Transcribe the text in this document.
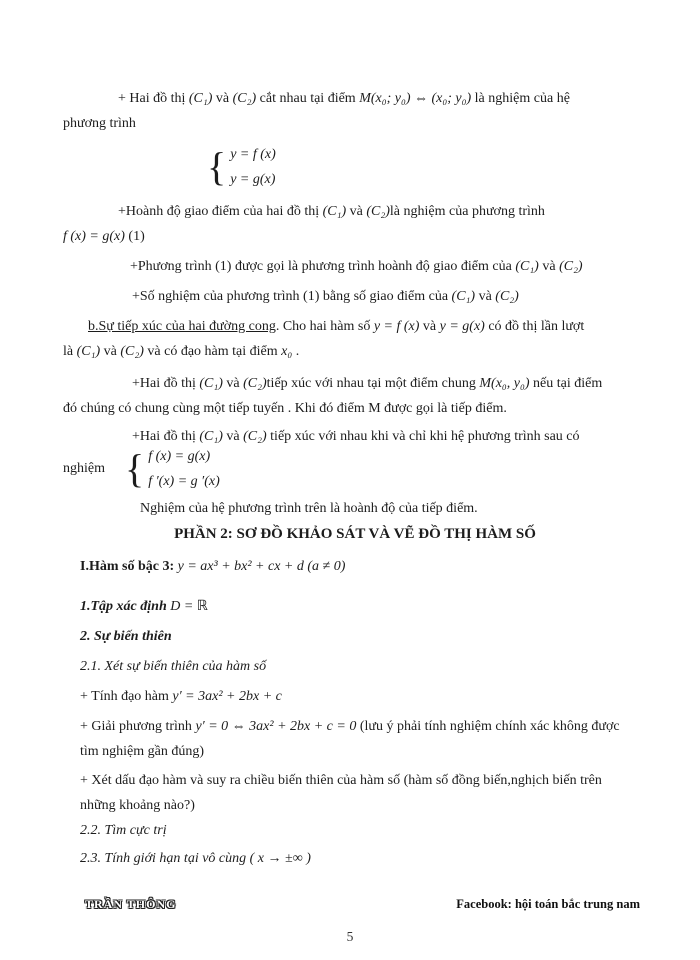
+ Hai đồ thị (C₁) và (C₂) cắt nhau tại điểm M(x₀; y₀) ⇔ (x₀; y₀) là nghiệm của hệ
phương trình

{ y = f (x)
y = g(x)

+Hoành độ giao điểm của hai đồ thị (C₁) và (C₂)là nghiệm của phương trình
f (x) = g(x) (1)

+Phương trình (1) được gọi là phương trình hoành độ giao điểm của (C₁) và (C₂)

+Số nghiệm của phương trình (1) bằng số giao điểm của (C₁) và (C₂)

b.Sự tiếp xúc của hai đường cong. Cho hai hàm số y = f (x) và y = g(x) có đồ thị lần lượt
là (C₁) và (C₂) và có đạo hàm tại điểm x₀ .

+Hai đồ thị (C₁) và (C₂)tiếp xúc với nhau tại một điểm chung M(x₀, y₀) nếu tại điểm
đó chúng có chung cùng một tiếp tuyến . Khi đó điểm M được gọi là tiếp điểm.

+Hai đồ thị (C₁) và (C₂) tiếp xúc với nhau khi và chỉ khi hệ phương trình sau có

nghiệm { f (x) = g(x)
f ′(x) = g ′(x)

Nghiệm của hệ phương trình trên là hoành độ của tiếp điểm.

PHẦN 2: SƠ ĐỒ KHẢO SÁT VÀ VẼ ĐỒ THỊ HÀM SỐ

I.Hàm số bậc 3: y = ax³ + bx² + cx + d (a ≠ 0)

1.Tập xác định D = ℝ

2. Sự biến thiên

2.1. Xét sự biến thiên của hàm số

+ Tính đạo hàm y′ = 3ax² + 2bx + c

+ Giải phương trình y′ = 0 ⇔ 3ax² + 2bx + c = 0 (lưu ý phải tính nghiệm chính xác không được
tìm nghiệm gần đúng)

+ Xét dấu đạo hàm và suy ra chiều biến thiên của hàm số (hàm số đồng biến,nghịch biến trên
những khoảng nào?)

2.2. Tìm cực trị

2.3. Tính giới hạn tại vô cùng ( x → ±∞ )

TRẦN THÔNG	Facebook: hội toán bắc trung nam
5
